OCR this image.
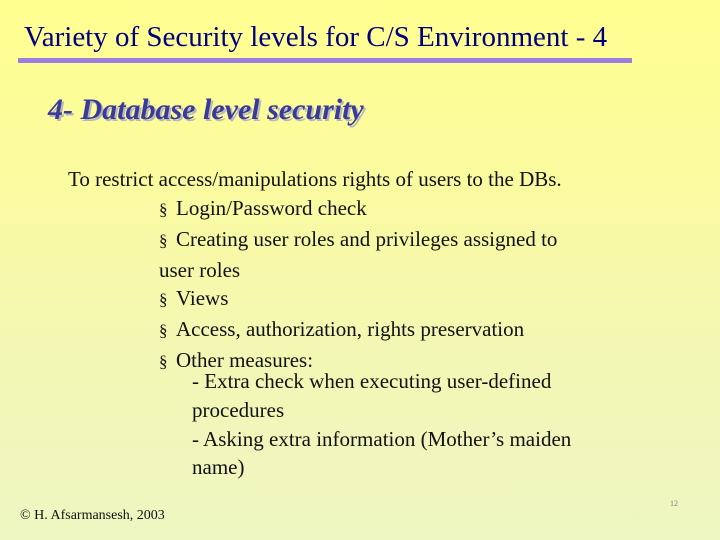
Variety of Security levels for C/S Environment - 4
4- Database level security
To restrict access/manipulations rights of users to the DBs.
§ Login/Password check
§ Creating user roles and privileges assigned to
user roles
§ Views
§ Access, authorization, rights preservation
§ Other measures:
- Extra check when executing user-defined
procedures
- Asking extra information (Mother’s maiden
name)
© H. Afsarmansesh, 2003
12
